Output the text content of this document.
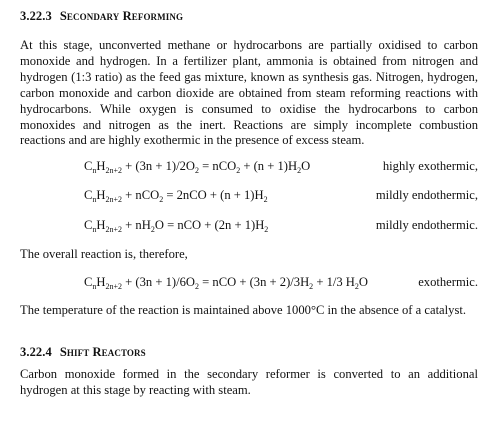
3.22.3 Secondary Reforming
At this stage, unconverted methane or hydrocarbons are partially oxidised to carbon monoxide and hydrogen. In a fertilizer plant, ammonia is obtained from nitrogen and hydrogen (1:3 ratio) as the feed gas mixture, known as synthesis gas. Nitrogen, hydrogen, carbon monoxide and carbon dioxide are obtained from steam reforming reactions with hydrocarbons. While oxygen is consumed to oxidise the hydrocarbons to carbon monoxides and nitrogen as the inert. Reactions are simply incomplete combustion reactions and are highly exothermic in the presence of excess steam.
$C_nH_{2n+2} + (3n + 1)/2O_2 = nCO_2 + (n + 1)H_2O$	highly exothermic,
$C_nH_{2n+2} + nCO_2 = 2nCO + (n + 1)H_2$	mildly endothermic,
$C_nH_{2n+2} + nH_2O$ = nCO + $(2n + 1)H_2$	mildly endothermic.
The overall reaction is, therefore,
$C_nH_{2n+2} + (3n + 1)/6O_2$ = nCO + $(3n + 2)/3H_2 + 1/3$ $H_2O$	exothermic.
The temperature of the reaction is maintained above 1000°C in the absence of a catalyst.
3.22.4 Shift Reactors
Carbon monoxide formed in the secondary reformer is converted to an additional hydrogen at this stage by reacting with steam.
